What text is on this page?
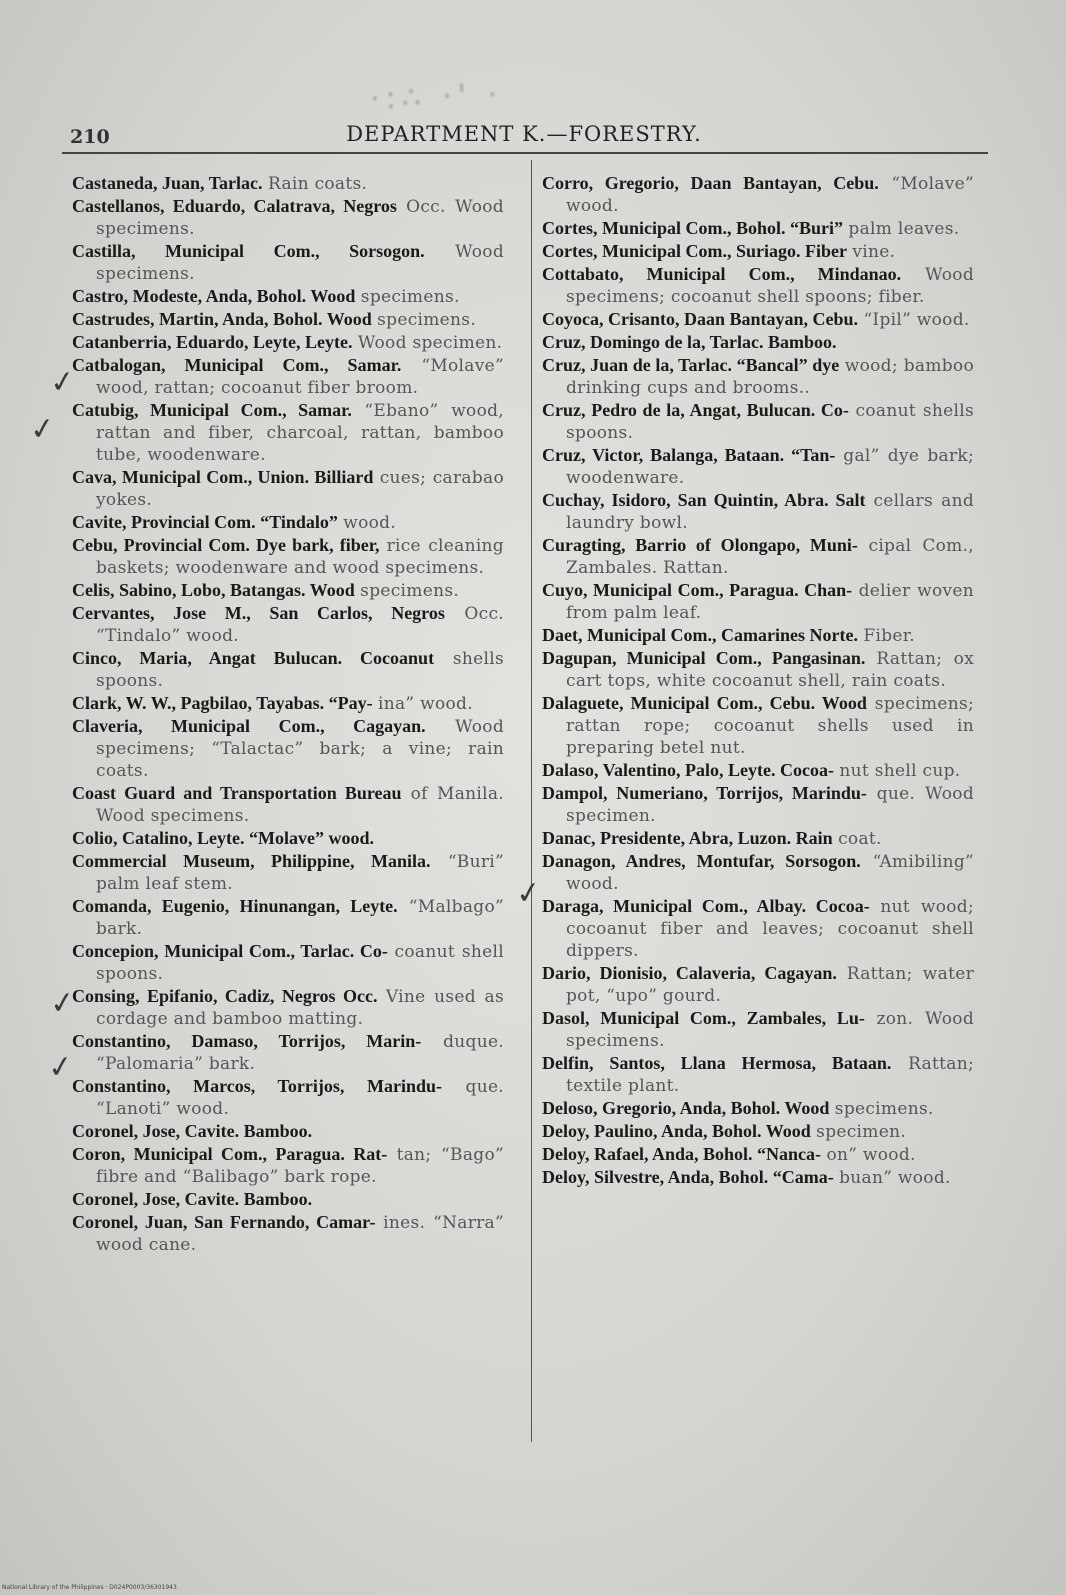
·:∴ ·' ·
210	DEPARTMENT K.—FORESTRY.

Castaneda, Juan, Tarlac. Rain coats.

Castellanos, Eduardo, Calatrava, Negros Occ. Wood specimens.

Castilla, Municipal Com., Sorsogon. Wood specimens.

Castro, Modeste, Anda, Bohol. Wood specimens.

Castrudes, Martin, Anda, Bohol. Wood specimens.

Catanberria, Eduardo, Leyte, Leyte. Wood specimen.

Catbalogan, Municipal Com., Samar. “Molave” wood, rattan; cocoanut fiber broom.

Catubig, Municipal Com., Samar. “Ebano” wood, rattan and fiber, charcoal, rattan, bamboo tube, woodenware.

Cava, Municipal Com., Union. Billiard cues; carabao yokes.

Cavite, Provincial Com. “Tindalo” wood.

Cebu, Provincial Com. Dye bark, fiber, rice cleaning baskets; woodenware and wood specimens.

Celis, Sabino, Lobo, Batangas. Wood specimens.

Cervantes, Jose M., San Carlos, Negros Occ. “Tindalo” wood.

Cinco, Maria, Angat Bulucan. Cocoanut shells spoons.

Clark, W. W., Pagbilao, Tayabas. “Pay- ina” wood.

Claveria, Municipal Com., Cagayan. Wood specimens; “Talactac” bark; a vine; rain coats.

Coast Guard and Transportation Bureau of Manila. Wood specimens.

Colio, Catalino, Leyte. “Molave” wood.

Commercial Museum, Philippine, Manila. “Buri” palm leaf stem.

Comanda, Eugenio, Hinunangan, Leyte. “Malbago” bark.

Concepion, Municipal Com., Tarlac. Co- coanut shell spoons.

Consing, Epifanio, Cadiz, Negros Occ. Vine used as cordage and bamboo matting.

Constantino, Damaso, Torrijos, Marin- duque. “Palomaria” bark.

Constantino, Marcos, Torrijos, Marindu- que. “Lanoti” wood.

Coronel, Jose, Cavite. Bamboo.

Coron, Municipal Com., Paragua. Rat- tan; “Bago” fibre and “Balibago” bark rope.

Coronel, Jose, Cavite. Bamboo.

Coronel, Juan, San Fernando, Camar- ines. “Narra” wood cane.

Corro, Gregorio, Daan Bantayan, Cebu. “Molave” wood.

Cortes, Municipal Com., Bohol. “Buri” palm leaves.

Cortes, Municipal Com., Suriago. Fiber vine.

Cottabato, Municipal Com., Mindanao. Wood specimens; cocoanut shell spoons; fiber.

Coyoca, Crisanto, Daan Bantayan, Cebu. “Ipil” wood.

Cruz, Domingo de la, Tarlac. Bamboo.

Cruz, Juan de la, Tarlac. “Bancal” dye wood; bamboo drinking cups and brooms..

Cruz, Pedro de la, Angat, Bulucan. Co- coanut shells spoons.

Cruz, Victor, Balanga, Bataan. “Tan- gal” dye bark; woodenware.

Cuchay, Isidoro, San Quintin, Abra. Salt cellars and laundry bowl.

Curagting, Barrio of Olongapo, Muni- cipal Com., Zambales. Rattan.

Cuyo, Municipal Com., Paragua. Chan- delier woven from palm leaf.

Daet, Municipal Com., Camarines Norte. Fiber.

Dagupan, Municipal Com., Pangasinan. Rattan; ox cart tops, white cocoanut shell, rain coats.

Dalaguete, Municipal Com., Cebu. Wood specimens; rattan rope; cocoanut shells used in preparing betel nut.

Dalaso, Valentino, Palo, Leyte. Cocoa- nut shell cup.

Dampol, Numeriano, Torrijos, Marindu- que. Wood specimen.

Danac, Presidente, Abra, Luzon. Rain coat.

Danagon, Andres, Montufar, Sorsogon. “Amibiling” wood.

Daraga, Municipal Com., Albay. Cocoa- nut wood; cocoanut fiber and leaves; cocoanut shell dippers.

Dario, Dionisio, Calaveria, Cagayan. Rattan; water pot, “upo” gourd.

Dasol, Municipal Com., Zambales, Lu- zon. Wood specimens.

Delfin, Santos, Llana Hermosa, Bataan. Rattan; textile plant.

Deloso, Gregorio, Anda, Bohol. Wood specimens.

Deloy, Paulino, Anda, Bohol. Wood specimen.

Deloy, Rafael, Anda, Bohol. “Nanca- on” wood.

Deloy, Silvestre, Anda, Bohol. “Cama- buan” wood.

✓
✓
✓
✓
✓
National Library of the Philippines · D024P0003/36301943
